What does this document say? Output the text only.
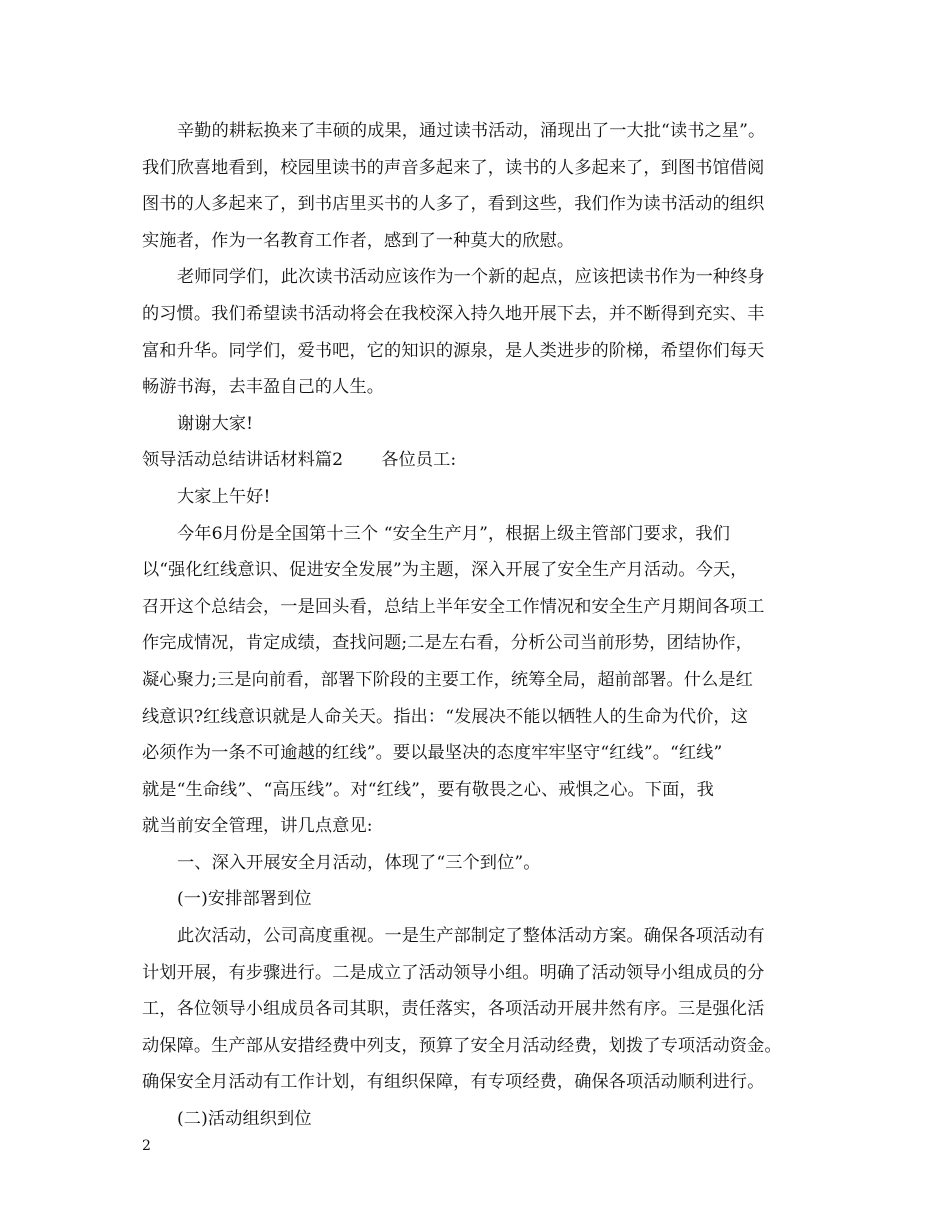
辛勤的耕耘换来了丰硕的成果，通过读书活动，涌现出了一大批“读书之星”。
我们欣喜地看到，校园里读书的声音多起来了，读书的人多起来了，到图书馆借阅
图书的人多起来了，到书店里买书的人多了，看到这些，我们作为读书活动的组织
实施者，作为一名教育工作者，感到了一种莫大的欣慰。
老师同学们，此次读书活动应该作为一个新的起点，应该把读书作为一种终身
的习惯。我们希望读书活动将会在我校深入持久地开展下去，并不断得到充实、丰
富和升华。同学们，爱书吧，它的知识的源泉，是人类进步的阶梯，希望你们每天
畅游书海，去丰盈自己的人生。
谢谢大家!
领导活动总结讲话材料篇2 各位员工:
大家上午好!
今年6月份是全国第十三个 “安全生产月”，根据上级主管部门要求，我们
以“强化红线意识、促进安全发展”为主题，深入开展了安全生产月活动。今天，
召开这个总结会，一是回头看，总结上半年安全工作情况和安全生产月期间各项工
作完成情况，肯定成绩，查找问题;二是左右看，分析公司当前形势，团结协作，
凝心聚力;三是向前看，部署下阶段的主要工作，统筹全局，超前部署。什么是红
线意识?红线意识就是人命关天。指出：“发展决不能以牺牲人的生命为代价，这
必须作为一条不可逾越的红线”。要以最坚决的态度牢牢坚守“红线”。“红线”
就是“生命线”、“高压线”。对“红线”，要有敬畏之心、戒惧之心。下面，我
就当前安全管理，讲几点意见:
一、深入开展安全月活动，体现了“三个到位”。
(一)安排部署到位
此次活动，公司高度重视。一是生产部制定了整体活动方案。确保各项活动有
计划开展，有步骤进行。二是成立了活动领导小组。明确了活动领导小组成员的分
工，各位领导小组成员各司其职，责任落实，各项活动开展井然有序。三是强化活
动保障。生产部从安措经费中列支，预算了安全月活动经费，划拨了专项活动资金。
确保安全月活动有工作计划，有组织保障，有专项经费，确保各项活动顺利进行。
(二)活动组织到位
2
